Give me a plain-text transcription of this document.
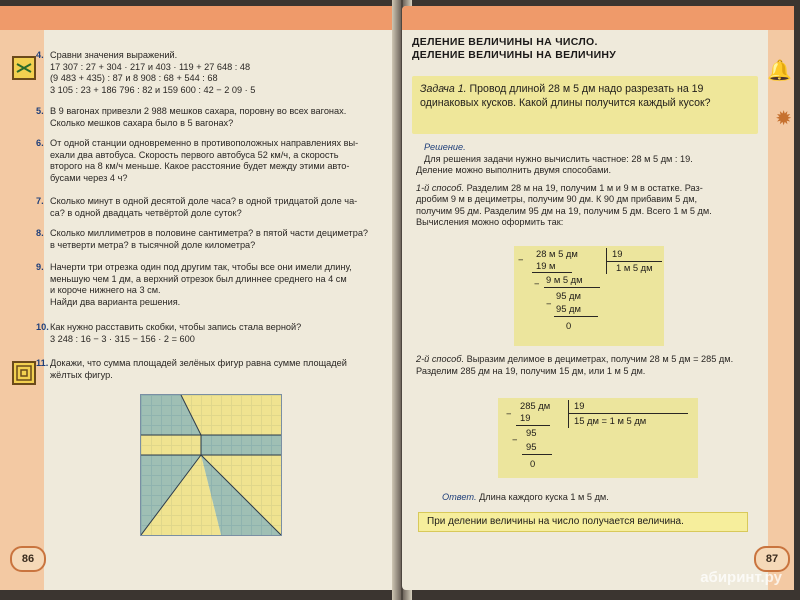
4. Сравни значения выражений.
17 307 : 27 + 304 · 217 и 403 · 119 + 27 648 : 48
(9 483 + 435) : 87 и 8 908 : 68 + 544 : 68
3 105 : 23 + 186 796 : 82 и 159 600 : 42 − 2 09 · 5
5. В 9 вагонах привезли 2 988 мешков сахара, поровну во всех вагонах.
Сколько мешков сахара было в 5 вагонах?
6. От одной станции одновременно в противоположных направлениях вы-
ехали два автобуса. Скорость первого автобуса 52 км/ч, а скорость
второго на 8 км/ч меньше. Какое расстояние будет между этими авто-
бусами через 4 ч?
7. Сколько минут в одной десятой доле часа? в одной тридцатой доле ча-
са? в одной двадцать четвёртой доле суток?
8. Сколько миллиметров в половине сантиметра? в пятой части дециметра?
в четверти метра? в тысячной доле километра?
9. Начерти три отрезка один под другим так, чтобы все они имели длину,
меньшую чем 1 дм, а верхний отрезок был длиннее среднего на 4 см
и короче нижнего на 3 см.
Найди два варианта решения.
10. Как нужно расставить скобки, чтобы запись стала верной?
3 248 : 16 − 3 · 315 − 156 · 2 = 600
11. Докажи, что сумма площадей зелёных фигур равна сумме площадей
жёлтых фигур.
86
🔔
✹
ДЕЛЕНИЕ ВЕЛИЧИНЫ НА ЧИСЛО.
ДЕЛЕНИЕ ВЕЛИЧИНЫ НА ВЕЛИЧИНУ
Задача 1. Провод длиной 28 м 5 дм надо разрезать на 19 одинаковых кусков. Какой длины получится каждый кусок?
Решение.
Для решения задачи нужно вычислить частное: 28 м 5 дм : 19.
Деление можно выполнить двумя способами.
1-й способ. Разделим 28 м на 19, получим 1 м и 9 м в остатке. Раз-
дробим 9 м в дециметры, получим 90 дм. К 90 дм прибавим 5 дм,
получим 95 дм. Разделим 95 дм на 19, получим 5 дм. Всего 1 м 5 дм.
Вычисления можно оформить так:
−
28 м 5 дм	19
19 м	1 м 5 дм
− 9 м 5 дм
−
95 дм
95 дм
0
2-й способ. Выразим делимое в дециметрах, получим 28 м 5 дм = 285 дм.
Разделим 285 дм на 19, получим 15 дм, или 1 м 5 дм.
−
285 дм	19
19	15 дм = 1 м 5 дм
−
95
95
0
Ответ. Длина каждого куска 1 м 5 дм.
При делении величины на число получается величина.
87
абиринт.ру
